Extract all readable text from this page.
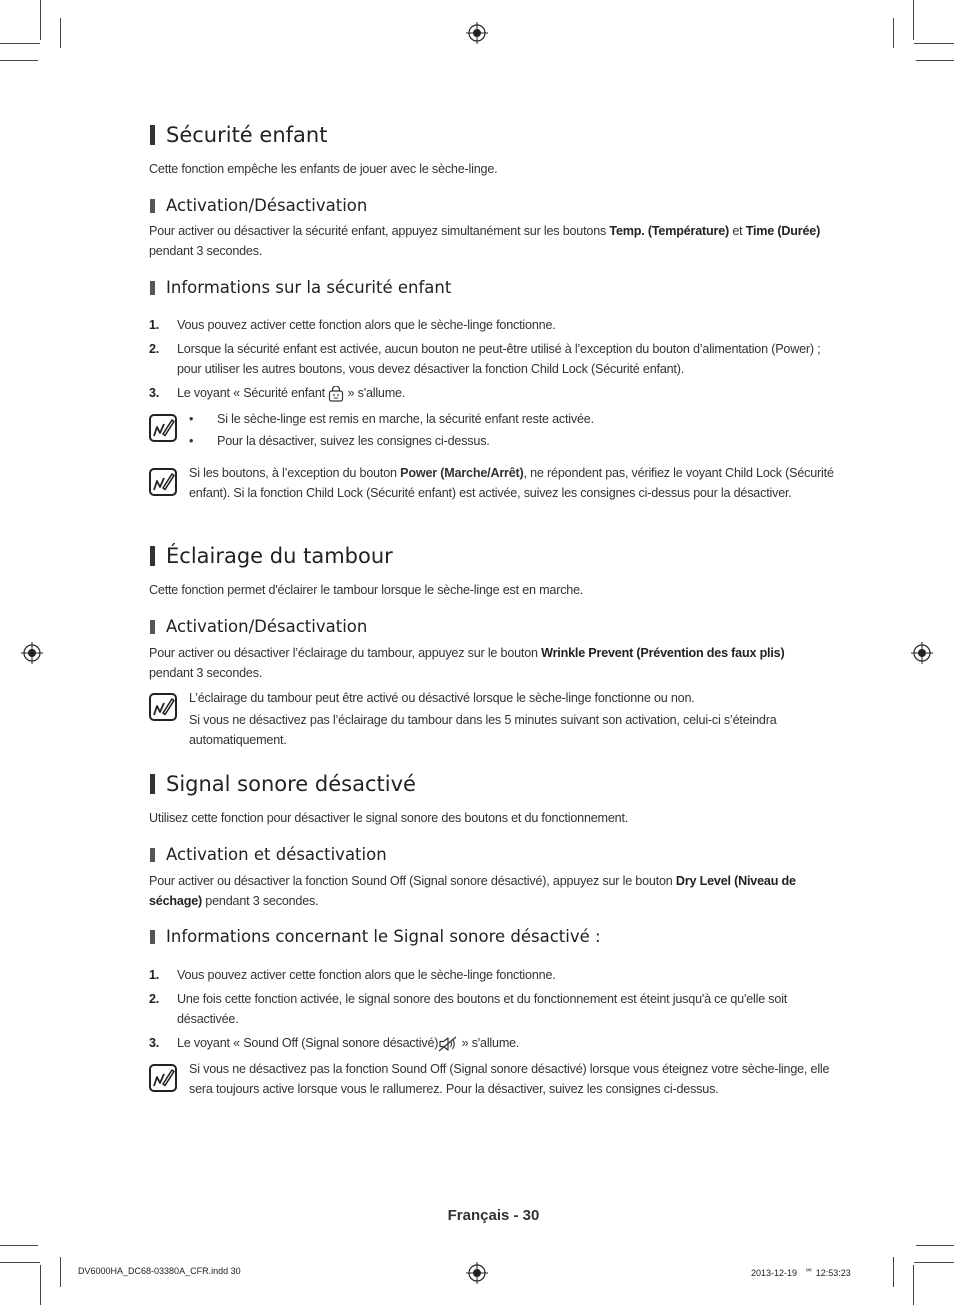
Sécurité enfant
Cette fonction empêche les enfants de jouer avec le sèche-linge.
Activation/Désactivation
Pour activer ou désactiver la sécurité enfant, appuyez simultanément sur les boutons Temp. (Température) et Time (Durée)
pendant 3 secondes.
Informations sur la sécurité enfant
1. Vous pouvez activer cette fonction alors que le sèche-linge fonctionne.
2. Lorsque la sécurité enfant est activée, aucun bouton ne peut-être utilisé à l’exception du bouton d’alimentation (Power) ; pour utiliser les autres boutons, vous devez désactiver la fonction Child Lock (Sécurité enfant).
3. Le voyant « Sécurité enfant  » s'allume.
• Si le sèche-linge est remis en marche, la sécurité enfant reste activée.
• Pour la désactiver, suivez les consignes ci-dessus.
Si les boutons, à l’exception du bouton Power (Marche/Arrêt), ne répondent pas, vérifiez le voyant Child Lock (Sécurité enfant). Si la fonction Child Lock (Sécurité enfant) est activée, suivez les consignes ci-dessus pour la désactiver.
Éclairage du tambour
Cette fonction permet d'éclairer le tambour lorsque le sèche-linge est en marche.
Activation/Désactivation
Pour activer ou désactiver l’éclairage du tambour, appuyez sur le bouton Wrinkle Prevent (Prévention des faux plis)
pendant 3 secondes.
L’éclairage du tambour peut être activé ou désactivé lorsque le sèche-linge fonctionne ou non.
Si vous ne désactivez pas l’éclairage du tambour dans les 5 minutes suivant son activation, celui-ci s’éteindra automatiquement.
Signal sonore désactivé
Utilisez cette fonction pour désactiver le signal sonore des boutons et du fonctionnement.
Activation et désactivation
Pour activer ou désactiver la fonction Sound Off (Signal sonore désactivé), appuyez sur le bouton Dry Level (Niveau de séchage) pendant 3 secondes.
Informations concernant le Signal sonore désactivé :
1. Vous pouvez activer cette fonction alors que le sèche-linge fonctionne.
2. Une fois cette fonction activée, le signal sonore des boutons et du fonctionnement est éteint jusqu'à ce qu'elle soit désactivée.
3. Le voyant « Sound Off (Signal sonore désactivé) » s'allume.
Si vous ne désactivez pas la fonction Sound Off (Signal sonore désactivé) lorsque vous éteignez votre sèche-linge, elle sera toujours active lorsque vous le rallumerez. Pour la désactiver, suivez les consignes ci-dessus.
Français - 30
DV6000HA_DC68-03380A_CFR.indd 30	2013-12-19   ᄋᄒ 12:53:23
